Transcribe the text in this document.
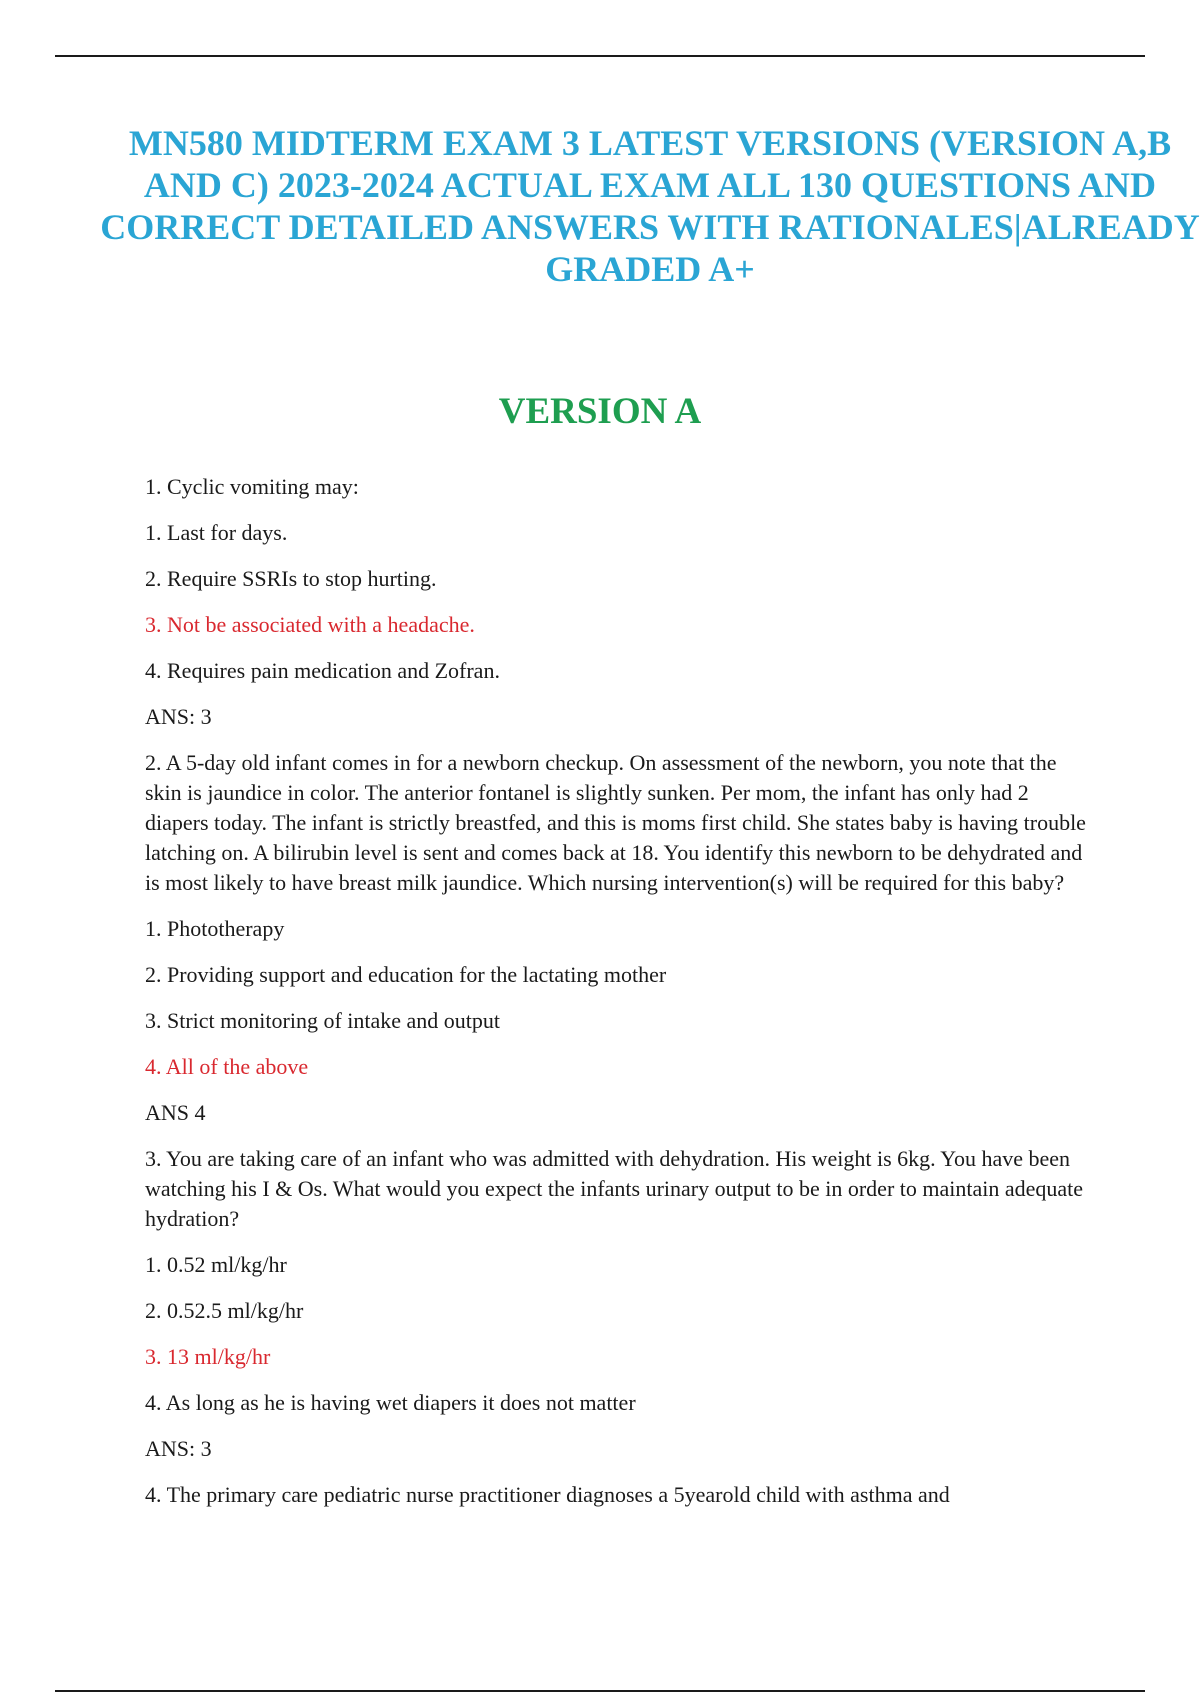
MN580 MIDTERM EXAM 3 LATEST VERSIONS (VERSION A,B
AND C) 2023-2024 ACTUAL EXAM ALL 130 QUESTIONS AND
CORRECT DETAILED ANSWERS WITH RATIONALES|ALREADY
GRADED A+
VERSION A
1. Cyclic vomiting may:
1. Last for days.
2. Require SSRIs to stop hurting.
3. Not be associated with a headache.
4. Requires pain medication and Zofran.
ANS: 3
2. A 5-day old infant comes in for a newborn checkup. On assessment of the newborn, you note that the skin is jaundice in color. The anterior fontanel is slightly sunken. Per mom, the infant has only had 2 diapers today. The infant is strictly breastfed, and this is moms first child. She states baby is having trouble latching on. A bilirubin level is sent and comes back at 18. You identify this newborn to be dehydrated and is most likely to have breast milk jaundice. Which nursing intervention(s) will be required for this baby?
1. Phototherapy
2. Providing support and education for the lactating mother
3. Strict monitoring of intake and output
4. All of the above
ANS 4
3. You are taking care of an infant who was admitted with dehydration. His weight is 6kg. You have been watching his I & Os. What would you expect the infants urinary output to be in order to maintain adequate hydration?
1. 0.52 ml/kg/hr
2. 0.52.5 ml/kg/hr
3. 13 ml/kg/hr
4. As long as he is having wet diapers it does not matter
ANS: 3
4. The primary care pediatric nurse practitioner diagnoses a 5yearold child with asthma and
